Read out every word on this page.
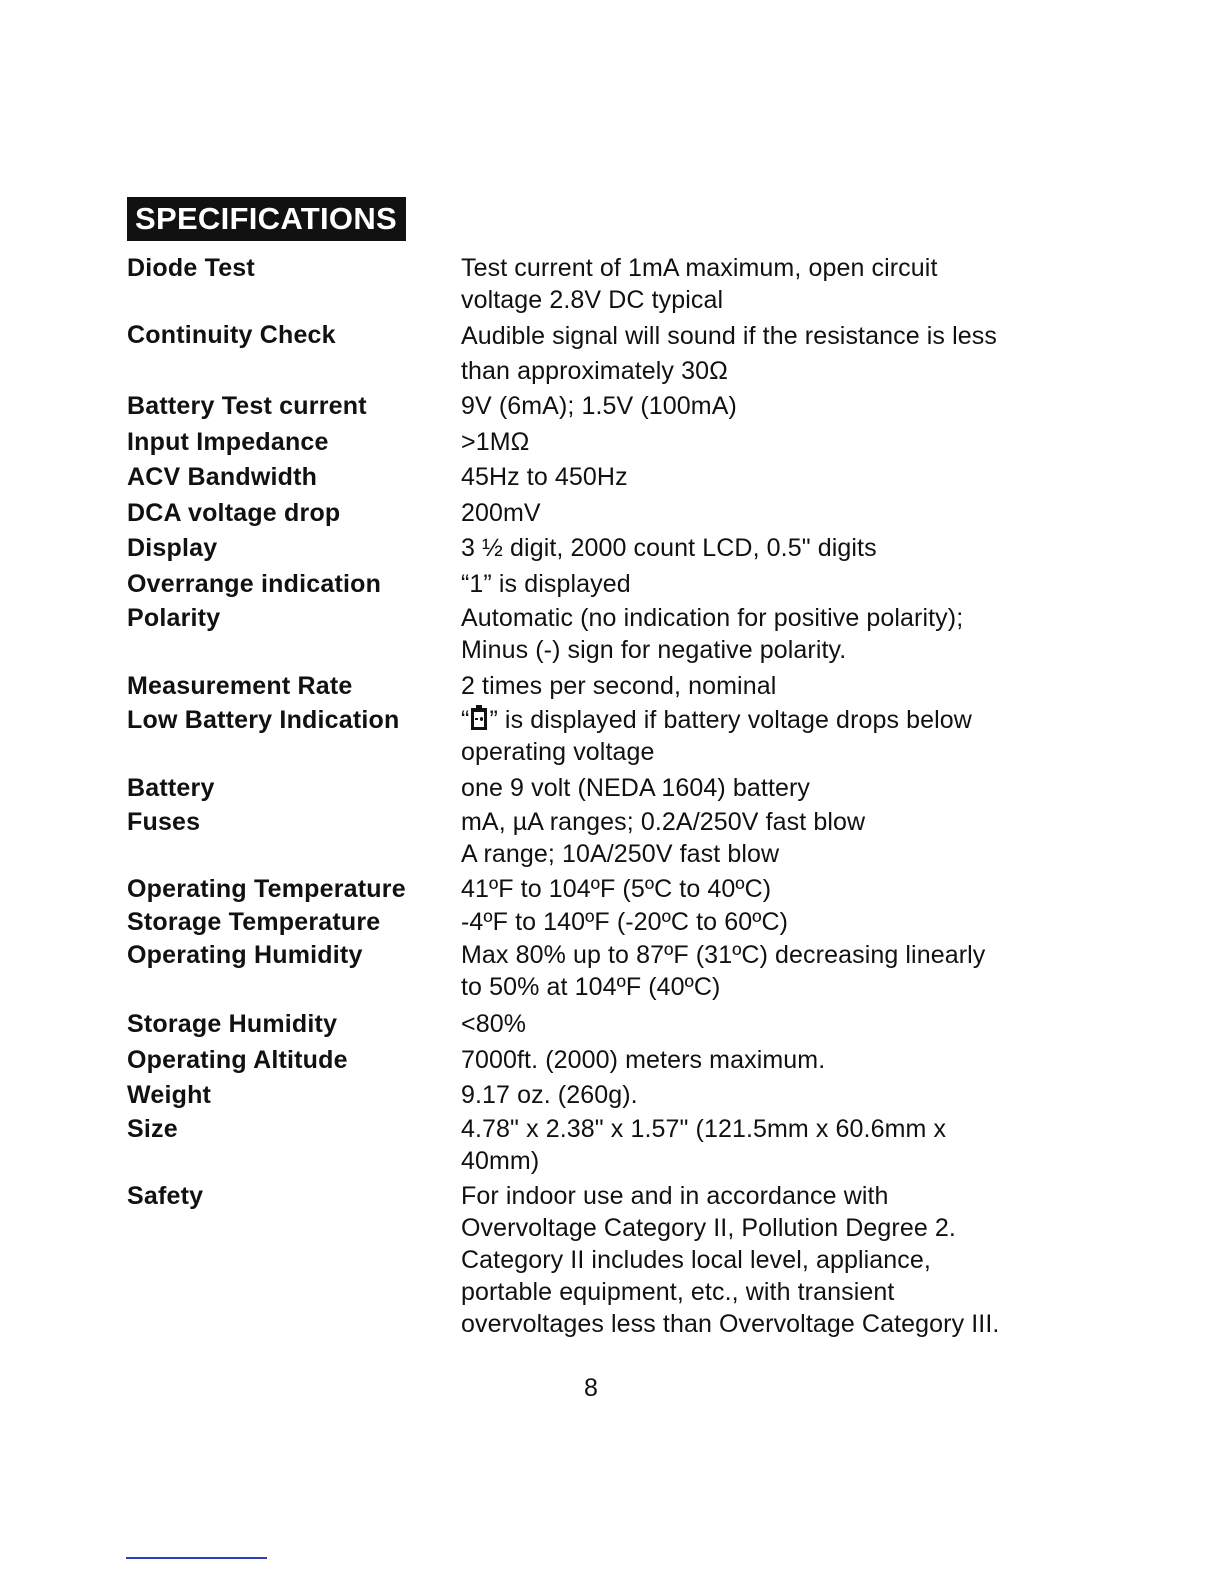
SPECIFICATIONS
Diode Test	Test current of 1mA maximum, open circuit
voltage 2.8V DC typical
Continuity Check	Audible signal will sound if the resistance is less
than approximately 30Ω
Battery Test current	9V (6mA); 1.5V (100mA)
Input Impedance	>1MΩ
ACV Bandwidth	45Hz to 450Hz
DCA voltage drop	200mV
Display	3 ½ digit, 2000 count LCD, 0.5" digits
Overrange indication	“1” is displayed
Polarity	Automatic (no indication for positive polarity);
Minus (-) sign for negative polarity.
Measurement Rate	2 times per second, nominal
Low Battery Indication	“ ” is displayed if battery voltage drops below
operating voltage
Battery	one 9 volt (NEDA 1604) battery
Fuses	mA, µA ranges; 0.2A/250V fast blow
A range; 10A/250V fast blow
Operating Temperature	41ºF to 104ºF (5ºC to 40ºC)
Storage Temperature	-4ºF to 140ºF (-20ºC to 60ºC)
Operating Humidity	Max 80% up to 87ºF (31ºC) decreasing linearly
to 50% at 104ºF (40ºC)
Storage Humidity	<80%
Operating Altitude	7000ft. (2000) meters maximum.
Weight	9.17 oz. (260g).
Size	4.78" x 2.38" x 1.57" (121.5mm x 60.6mm x
40mm)
Safety	For indoor use and in accordance with
Overvoltage Category II, Pollution Degree 2.
Category II includes local level, appliance,
portable equipment, etc., with transient
overvoltages less than Overvoltage Category III.
8
